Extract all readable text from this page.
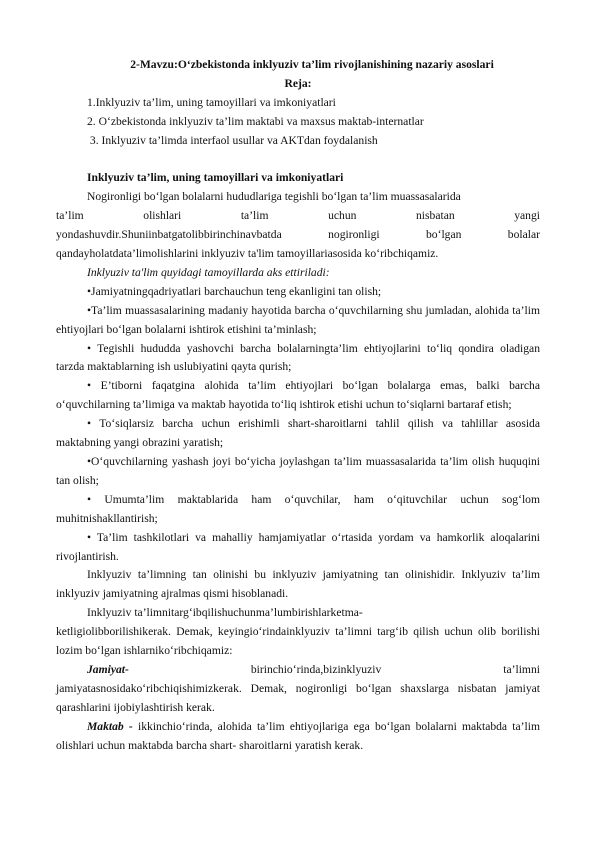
2-Mavzu:O‘zbekistonda inklyuziv ta’lim rivojlanishining nazariy asoslari
Reja:
1.Inklyuziv ta’lim, uning tamoyillari va imkoniyatlari
2. O‘zbekistonda inklyuziv ta’lim maktabi va maxsus maktab-internatlar
3. Inklyuziv ta’limda interfaol usullar va AKTdan foydalanish
Inklyuziv ta’lim, uning tamoyillari va imkoniyatlari
Nogironligi bo‘lgan bolalarni hududlariga tegishli bo‘lgan ta’lim muassasalarida
ta’lim	olishlari	ta’lim	uchun	nisbatan	yangi
yondashuvdir.Shuniinbatgatolibbirinchinavbatda	nogironligi	bo‘lgan	bolalar
qandayholatdata’limolishlarini inklyuziv ta'lim tamoyillariasosida ko‘ribchiqamiz.
Inklyuziv ta'lim quyidagi tamoyillarda aks ettiriladi:
•Jamiyatningqadriyatlari barchauchun teng ekanligini tan olish;
•Ta’lim muassasalarining madaniy hayotida barcha o‘quvchilarning shu jumladan, alohida ta’lim ehtiyojlari bo‘lgan bolalarni ishtirok etishini ta’minlash;
• Tegishli hududda yashovchi barcha bolalarningta’lim ehtiyojlarini to‘liq qondira oladigan tarzda maktablarning ish uslubiyatini qayta qurish;
• E’tiborni faqatgina alohida ta’lim ehtiyojlari bo‘lgan bolalarga emas, balki barcha o‘quvchilarning ta’limiga va maktab hayotida to‘liq ishtirok etishi uchun to‘siqlarni bartaraf etish;
• To‘siqlarsiz barcha uchun erishimli shart-sharoitlarni tahlil qilish va tahlillar asosida maktabning yangi obrazini yaratish;
•O‘quvchilarning yashash joyi bo‘yicha joylashgan ta’lim muassasalarida ta’lim olish huquqini tan olish;
• Umumta’lim maktablarida ham o‘quvchilar, ham o‘qituvchilar uchun sog‘lom muhitnishakllantirish;
• Ta’lim tashkilotlari va mahalliy hamjamiyatlar o‘rtasida yordam va hamkorlik aloqalarini rivojlantirish.
Inklyuziv ta’limning tan olinishi bu inklyuziv jamiyatning tan olinishidir. Inklyuziv ta’lim inklyuziv jamiyatning ajralmas qismi hisoblanadi.
Inklyuziv ta’limnitarg‘ibqilishuchunma’lumbirishlarketma-
ketligiolibborilishikerak. Demak, keyingio‘rindainklyuziv ta’limni targ‘ib qilish uchun olib borilishi lozim bo‘lgan ishlarniko‘ribchiqamiz:
Jamiyat-	birinchio‘rinda,bizinklyuziv	ta’limni
jamiyatasnosidako‘ribchiqishimizkerak. Demak, nogironligi bo‘lgan shaxslarga nisbatan jamiyat qarashlarini ijobiylashtirish kerak.
Maktab - ikkinchio‘rinda, alohida ta’lim ehtiyojlariga ega bo‘lgan bolalarni maktabda ta’lim olishlari uchun maktabda barcha shart- sharoitlarni yaratish kerak.
